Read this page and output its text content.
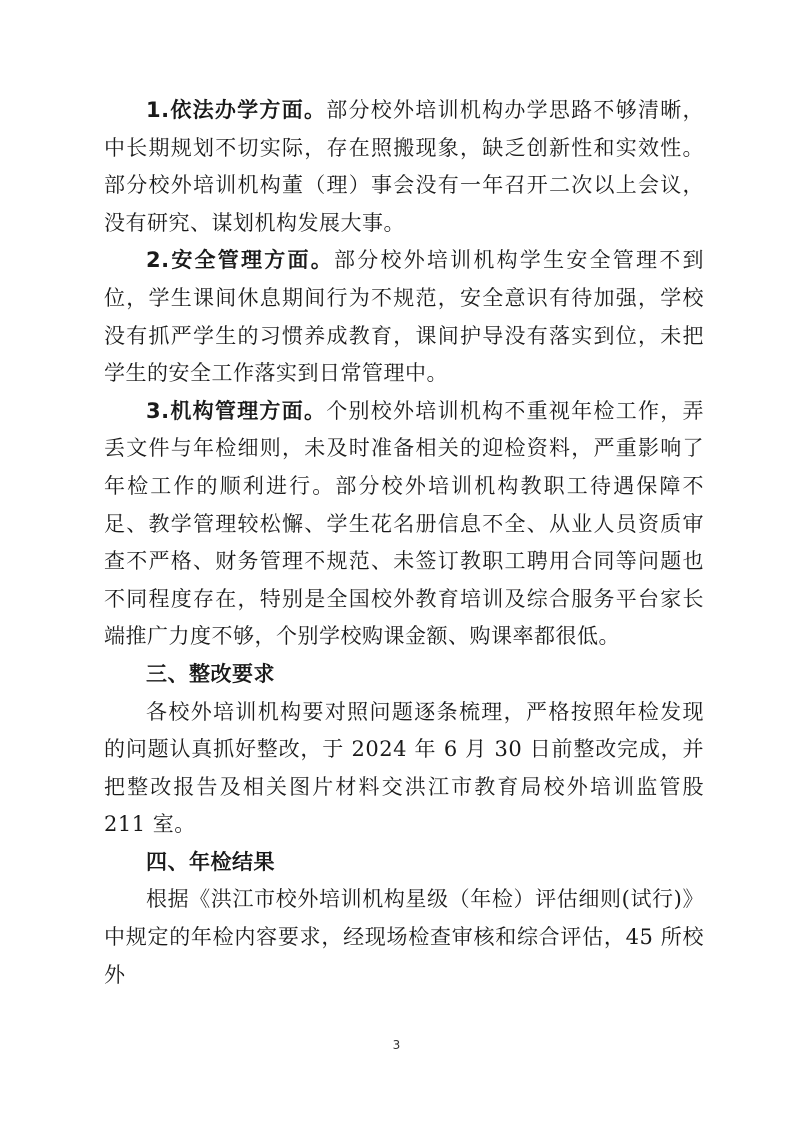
1.依法办学方面。部分校外培训机构办学思路不够清晰，中长期规划不切实际，存在照搬现象，缺乏创新性和实效性。部分校外培训机构董（理）事会没有一年召开二次以上会议，没有研究、谋划机构发展大事。

2.安全管理方面。部分校外培训机构学生安全管理不到位，学生课间休息期间行为不规范，安全意识有待加强，学校没有抓严学生的习惯养成教育，课间护导没有落实到位，未把学生的安全工作落实到日常管理中。

3.机构管理方面。个别校外培训机构不重视年检工作，弄丢文件与年检细则，未及时准备相关的迎检资料，严重影响了年检工作的顺利进行。部分校外培训机构教职工待遇保障不足、教学管理较松懈、学生花名册信息不全、从业人员资质审查不严格、财务管理不规范、未签订教职工聘用合同等问题也不同程度存在，特别是全国校外教育培训及综合服务平台家长端推广力度不够，个别学校购课金额、购课率都很低。

三、整改要求

各校外培训机构要对照问题逐条梳理，严格按照年检发现的问题认真抓好整改，于 2024 年 6 月 30 日前整改完成，并把整改报告及相关图片材料交洪江市教育局校外培训监管股 211 室。

四、年检结果

根据《洪江市校外培训机构星级（年检）评估细则(试行)》中规定的年检内容要求，经现场检查审核和综合评估，45 所校外

3
